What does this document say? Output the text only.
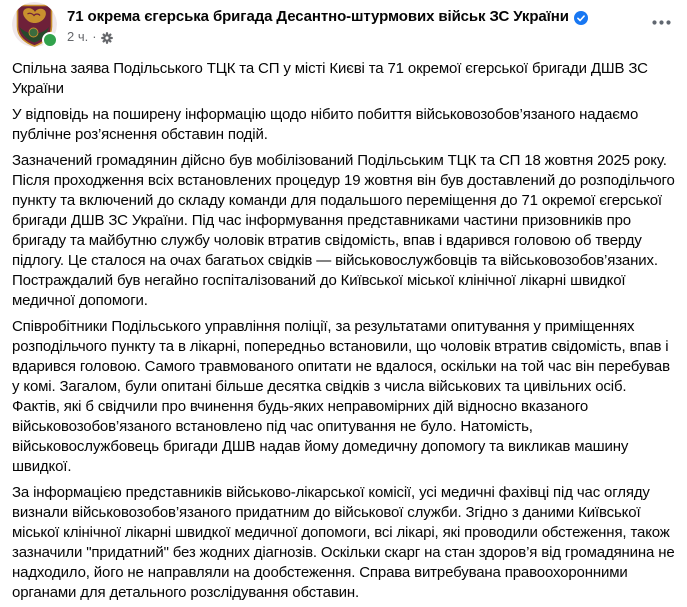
71 окрема єгерська бригада Десантно-штурмових військ ЗС України
2 ч. ·

Спільна заява Подільського ТЦК та СП у місті Києві та 71 окремої єгерської бригади ДШВ ЗС України

У відповідь на поширену інформацію щодо нібито побиття військовозобов’язаного надаємо публічне роз’яснення обставин подій.

Зазначений громадянин дійсно був мобілізований Подільським ТЦК та СП 18 жовтня 2025 року. Після проходження всіх встановлених процедур 19 жовтня він був доставлений до розподільчого пункту та включений до складу команди для подальшого переміщення до 71 окремої єгерської бригади ДШВ ЗС України. Під час інформування представниками частини призовників про бригаду та майбутню службу чоловік втратив свідомість, впав і вдарився головою об тверду підлогу. Це сталося на очах багатьох свідків — військовослужбовців та військовозобов’язаних. Постраждалий був негайно госпіталізований до Київської міської клінічної лікарні швидкої медичної допомоги.

Співробітники Подільського управління поліції, за результатами опитування у приміщеннях розподільчого пункту та в лікарні, попередньо встановили, що чоловік втратив свідомість, впав і вдарився головою. Самого травмованого опитати не вдалося, оскільки на той час він перебував у комі. Загалом, були опитані більше десятка свідків з числа військових та цивільних осіб. Фактів, які б свідчили про вчинення будь-яких неправомірних дій відносно вказаного військовозобов’язаного встановлено під час опитування не було. Натомість, військовослужбовець бригади ДШВ надав йому домедичну допомогу та викликав машину швидкої.

За інформацією представників військово-лікарської комісії, усі медичні фахівці під час огляду визнали військовозобов’язаного придатним до військової служби. Згідно з даними Київської міської клінічної лікарні швидкої медичної допомоги, всі лікарі, які проводили обстеження, також зазначили "придатний" без жодних діагнозів. Оскільки скарг на стан здоров’я від громадянина не надходило, його не направляли на дообстеження. Справа витребувана правоохоронними органами для детального розслідування обставин.
